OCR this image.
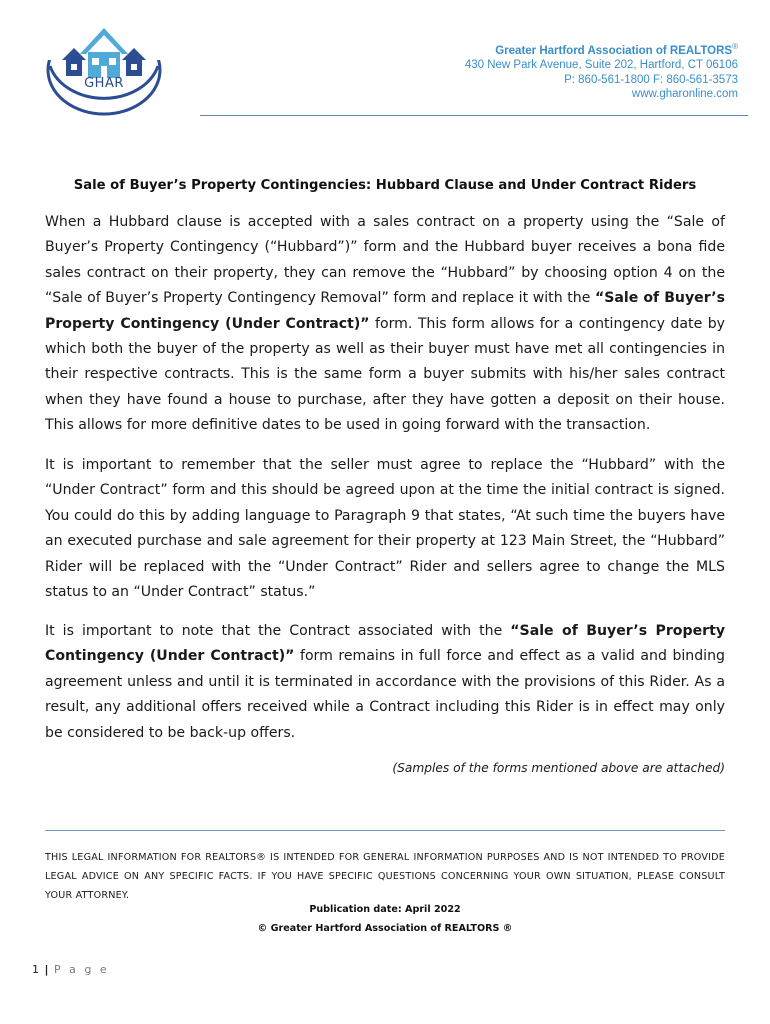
GHAR
Greater Hartford Association of REALTORS®
430 New Park Avenue, Suite 202, Hartford, CT 06106
P: 860-561-1800 F: 860-561-3573
www.gharonline.com
Sale of Buyer’s Property Contingencies: Hubbard Clause and Under Contract Riders
When a Hubbard clause is accepted with a sales contract on a property using the “Sale of Buyer’s Property Contingency (“Hubbard”)” form and the Hubbard buyer receives a bona fide sales contract on their property, they can remove the “Hubbard” by choosing option 4 on the “Sale of Buyer’s Property Contingency Removal” form and replace it with the “Sale of Buyer’s Property Contingency (Under Contract)” form. This form allows for a contingency date by which both the buyer of the property as well as their buyer must have met all contingencies in their respective contracts. This is the same form a buyer submits with his/her sales contract when they have found a house to purchase, after they have gotten a deposit on their house. This allows for more definitive dates to be used in going forward with the transaction.
It is important to remember that the seller must agree to replace the “Hubbard” with the “Under Contract” form and this should be agreed upon at the time the initial contract is signed. You could do this by adding language to Paragraph 9 that states, “At such time the buyers have an executed purchase and sale agreement for their property at 123 Main Street, the “Hubbard” Rider will be replaced with the “Under Contract” Rider and sellers agree to change the MLS status to an “Under Contract” status.”
It is important to note that the Contract associated with the “Sale of Buyer’s Property Contingency (Under Contract)” form remains in full force and effect as a valid and binding agreement unless and until it is terminated in accordance with the provisions of this Rider. As a result, any additional offers received while a Contract including this Rider is in effect may only be considered to be back-up offers.
(Samples of the forms mentioned above are attached)
THIS LEGAL INFORMATION FOR REALTORS® IS INTENDED FOR GENERAL INFORMATION PURPOSES AND IS NOT INTENDED TO PROVIDE LEGAL ADVICE ON ANY SPECIFIC FACTS. IF YOU HAVE SPECIFIC QUESTIONS CONCERNING YOUR OWN SITUATION, PLEASE CONSULT YOUR ATTORNEY.
Publication date: April 2022
© Greater Hartford Association of REALTORS ®
1 | P a g e
